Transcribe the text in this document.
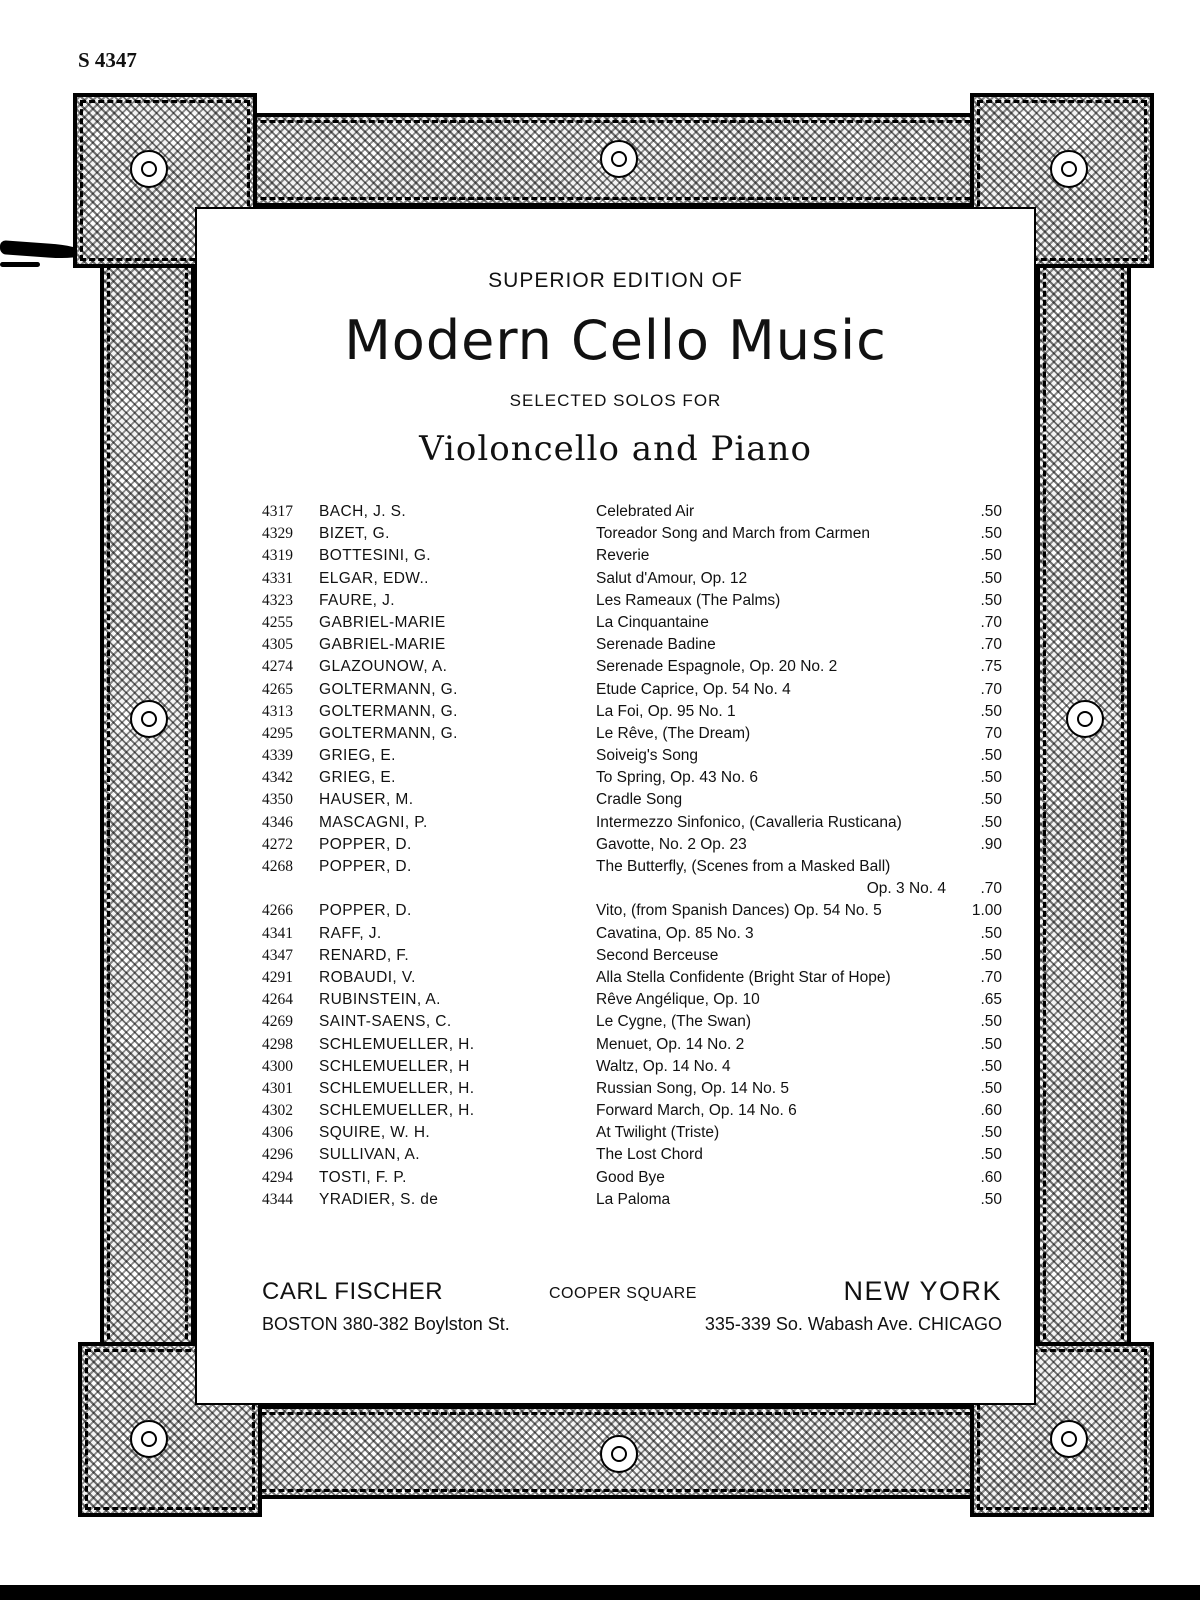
S 4347
SUPERIOR EDITION OF
Modern Cello Music
SELECTED SOLOS FOR
Violoncello and Piano
4317	BACH, J. S.	Celebrated Air	.50
4329	BIZET, G.	Toreador Song and March from Carmen	.50
4319	BOTTESINI, G.	Reverie	.50
4331	ELGAR, EDW..	Salut d'Amour, Op. 12	.50
4323	FAURE, J.	Les Rameaux (The Palms)	.50
4255	GABRIEL-MARIE	La Cinquantaine	.70
4305	GABRIEL-MARIE	Serenade Badine	.70
4274	GLAZOUNOW, A.	Serenade Espagnole, Op. 20 No. 2	.75
4265	GOLTERMANN, G.	Etude Caprice, Op. 54 No. 4	.70
4313	GOLTERMANN, G.	La Foi, Op. 95 No. 1	.50
4295	GOLTERMANN, G.	Le Rêve, (The Dream)	70
4339	GRIEG, E.	Soiveig's Song	.50
4342	GRIEG, E.	To Spring, Op. 43 No. 6	.50
4350	HAUSER, M.	Cradle Song	.50
4346	MASCAGNI, P.	Intermezzo Sinfonico, (Cavalleria Rusticana)	.50
4272	POPPER, D.	Gavotte, No. 2 Op. 23	.90
4268	POPPER, D.	The Butterfly, (Scenes from a Masked Ball)
Op. 3 No. 4	.70
4266	POPPER, D.	Vito, (from Spanish Dances) Op. 54 No. 5	1.00
4341	RAFF, J.	Cavatina, Op. 85 No. 3	.50
4347	RENARD, F.	Second Berceuse	.50
4291	ROBAUDI, V.	Alla Stella Confidente (Bright Star of Hope)	.70
4264	RUBINSTEIN, A.	Rêve Angélique, Op. 10	.65
4269	SAINT-SAENS, C.	Le Cygne, (The Swan)	.50
4298	SCHLEMUELLER, H.	Menuet, Op. 14 No. 2	.50
4300	SCHLEMUELLER, H	Waltz, Op. 14 No. 4	.50
4301	SCHLEMUELLER, H.	Russian Song, Op. 14 No. 5	.50
4302	SCHLEMUELLER, H.	Forward March, Op. 14 No. 6	.60
4306	SQUIRE, W. H.	At Twilight (Triste)	.50
4296	SULLIVAN, A.	The Lost Chord	.50
4294	TOSTI, F. P.	Good Bye	.60
4344	YRADIER, S. de	La Paloma	.50
CARL FISCHER	COOPER SQUARE	NEW YORK
BOSTON 380-382 Boylston St.	335-339 So. Wabash Ave. CHICAGO
